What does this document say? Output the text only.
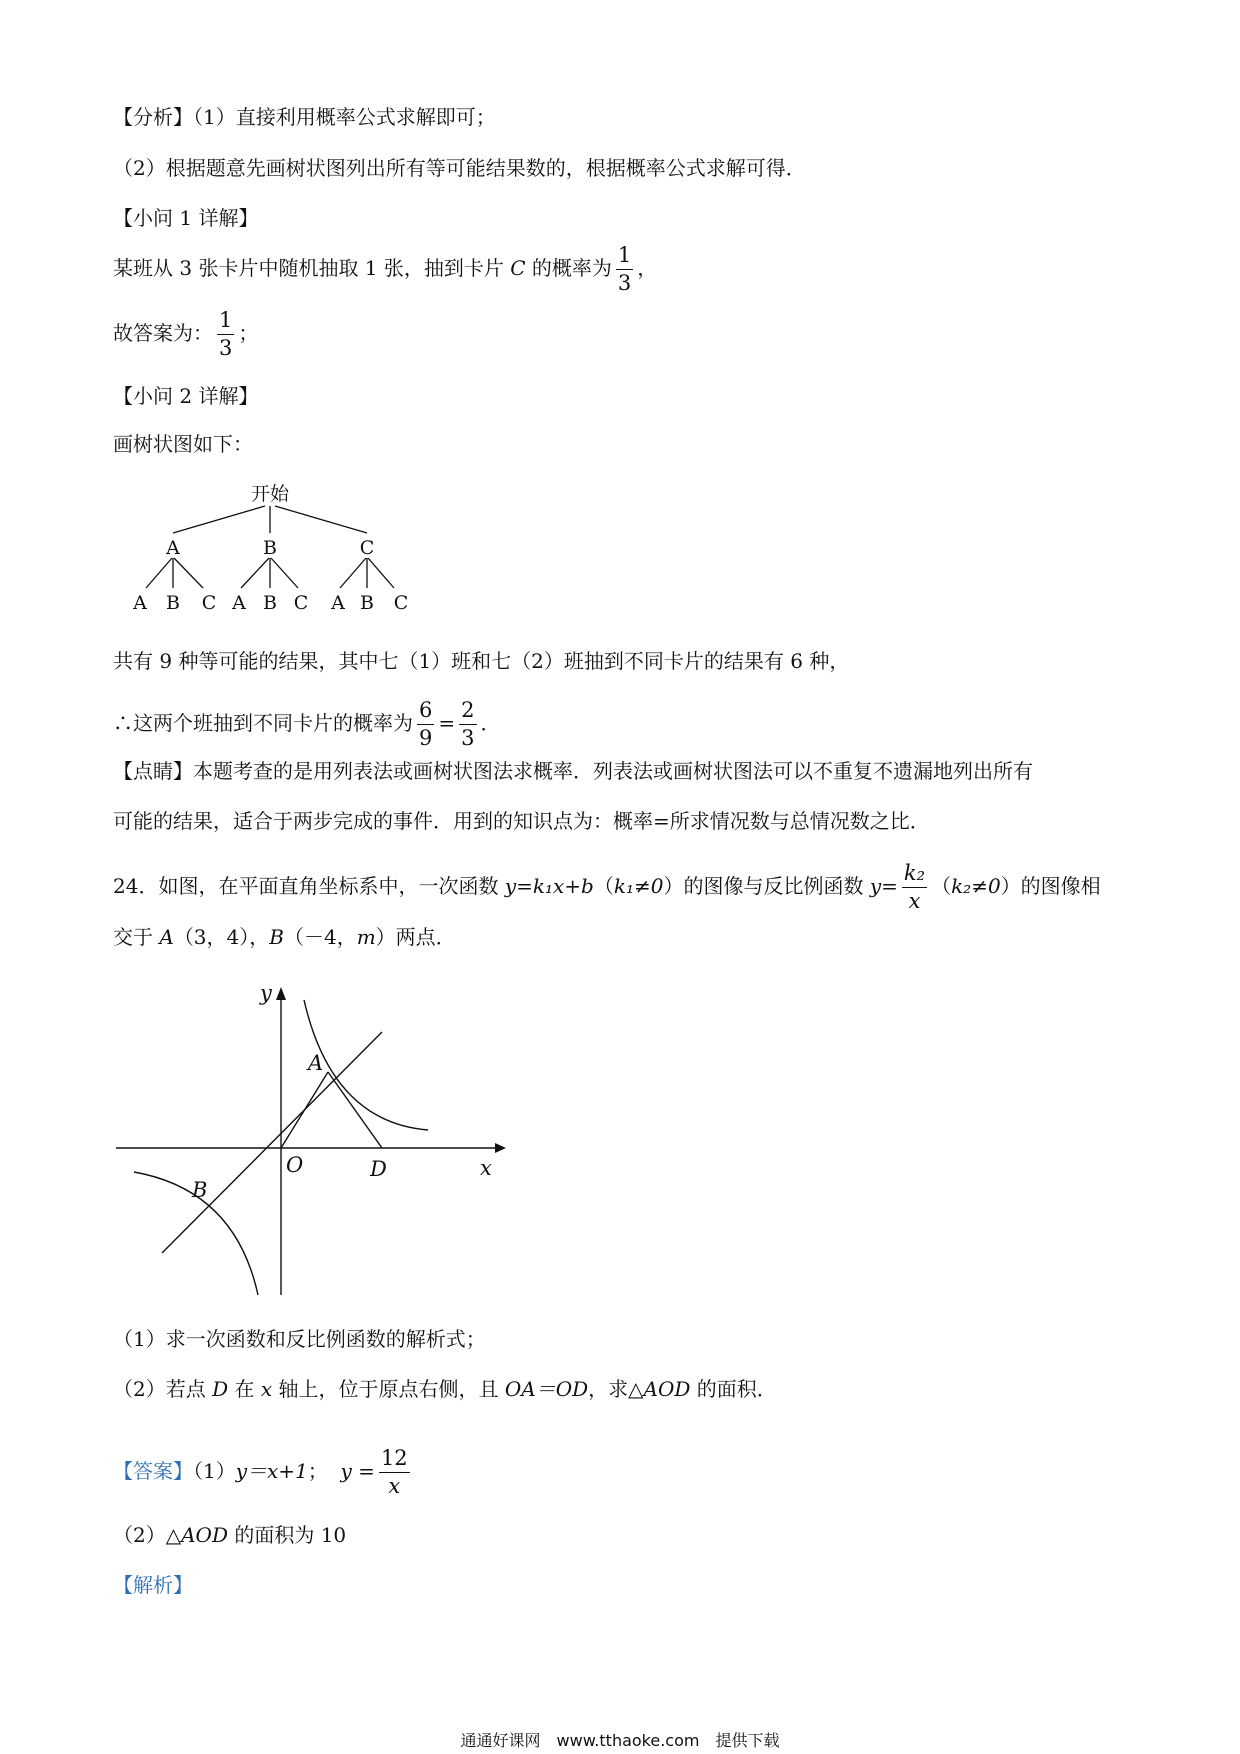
【分析】（1）直接利用概率公式求解即可；
（2）根据题意先画树状图列出所有等可能结果数的，根据概率公式求解可得．
【小问 1 详解】
某班从 3 张卡片中随机抽取 1 张，抽到卡片 C 的概率为 $\frac{1}{3}$ ，
故答案为： $\frac{1}{3}$ ；
【小问 2 详解】
画树状图如下：
开始
A	B	C
A B C A B C A B C
共有 9 种等可能的结果，其中七（1）班和七（2）班抽到不同卡片的结果有 6 种，
∴这两个班抽到不同卡片的概率为 $\frac{6}{9} = \frac{2}{3}$ ．
【点睛】本题考查的是用列表法或画树状图法求概率．列表法或画树状图法可以不重复不遗漏地列出所有
可能的结果，适合于两步完成的事件．用到的知识点为：概率=所求情况数与总情况数之比．
24．如图，在平面直角坐标系中，一次函数 y=k₁x+b（k₁≠0）的图像与反比例函数 $y= \frac{\text{k₂}}{x} (k_2\ne 0)$的图像相
交于 A（3，4），B（－4，m）两点．
y
x
A
B
O	D
（1）求一次函数和反比例函数的解析式；
（2）若点 D 在 x 轴上，位于原点右侧，且 OA＝OD，求△AOD 的面积．
【答案】（1）y＝x+1； $y = \frac{12}{x}$
（2）△AOD 的面积为 10
【解析】
通通好课网　www.tthaoke.com　提供下载
